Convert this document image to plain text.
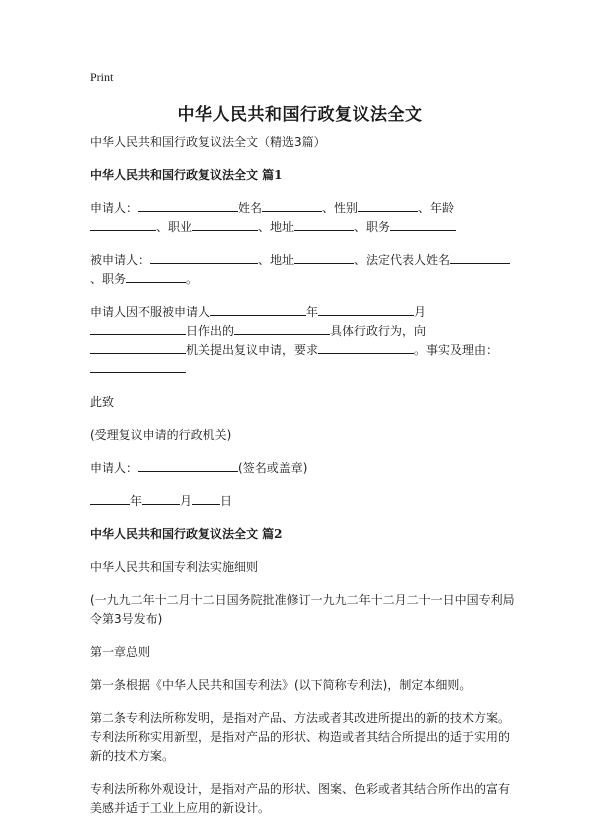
Print
中华人民共和国行政复议法全文

中华人民共和国行政复议法全文（精选3篇）

中华人民共和国行政复议法全文 篇1

申请人：	姓名	、性别	、年龄
、职业	、地址	、职务

被申请人：	、地址	、法定代表人姓名
、职务	。

申请人因不服被申请人	年	月
日作出的	具体行政行为，向
机关提出复议申请，要求	。事实及理由：

此致

(受理复议申请的行政机关)

申请人：	(签名或盖章)

年	月 日

中华人民共和国行政复议法全文 篇2

中华人民共和国专利法实施细则

(一九九二年十二月十二日国务院批准修订一九九二年十二月二十一日中国专利局令第3号发布)

第一章总则

第一条根据《中华人民共和国专利法》(以下简称专利法)，制定本细则。

第二条专利法所称发明，是指对产品、方法或者其改进所提出的新的技术方案。专利法所称实用新型，是指对产品的形状、构造或者其结合所提出的适于实用的新的技术方案。

专利法所称外观设计，是指对产品的形状、图案、色彩或者其结合所作出的富有美感并适于工业上应用的新设计。
